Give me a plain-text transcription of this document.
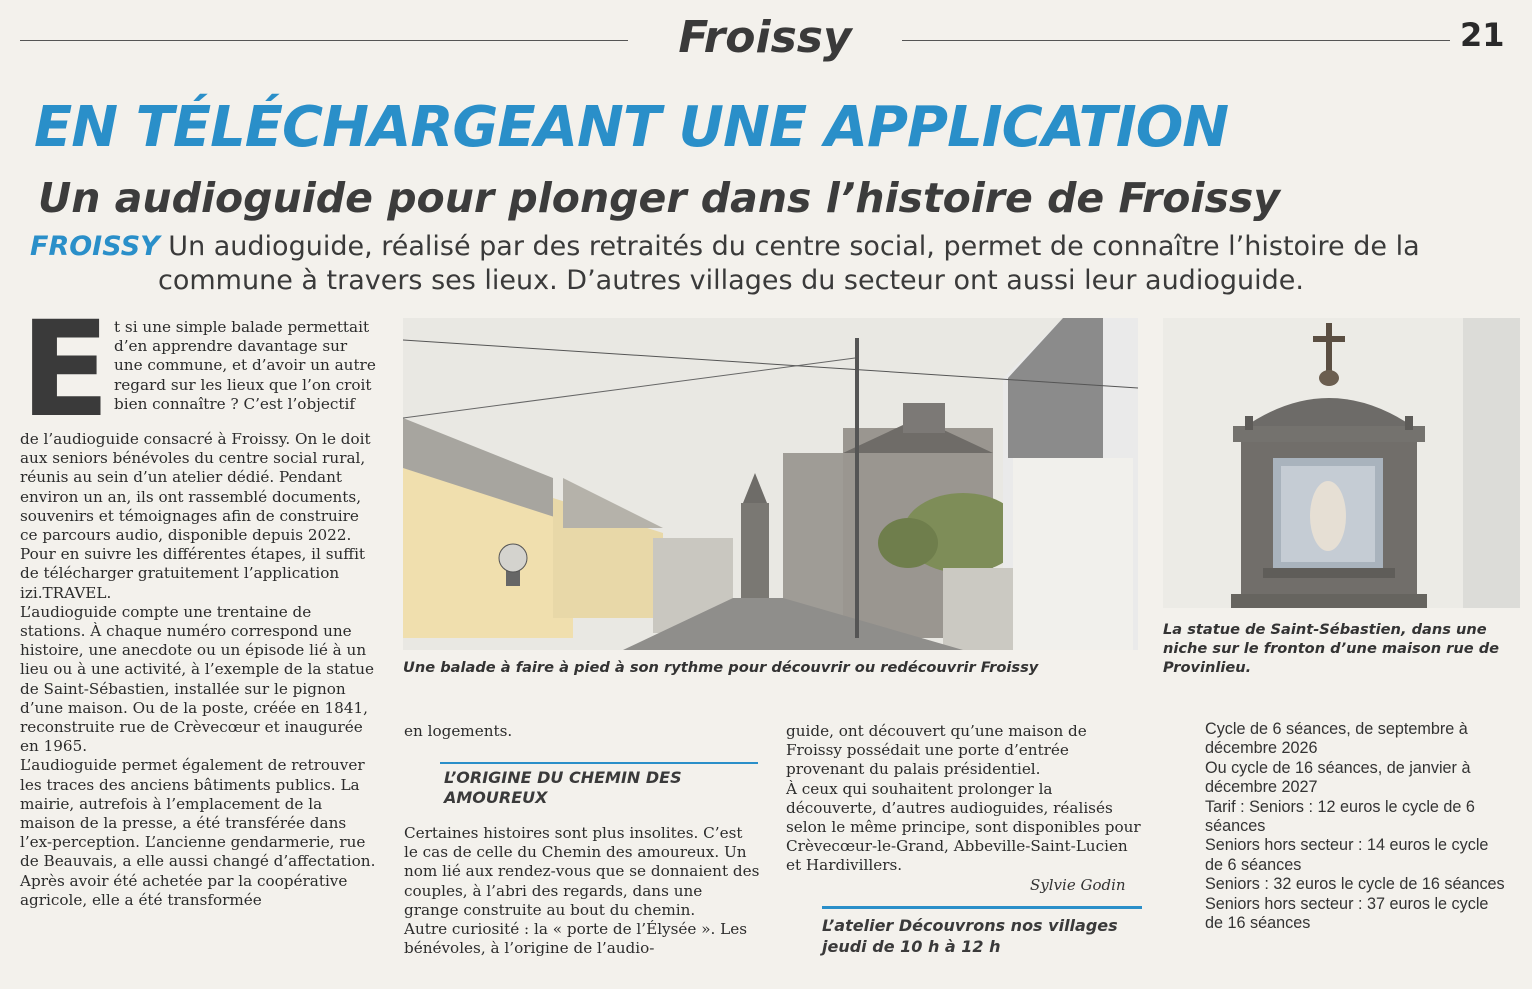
Froissy	21
EN TÉLÉCHARGEANT UNE APPLICATION
Un audioguide pour plonger dans l’histoire de Froissy
FROISSY Un audioguide, réalisé par des retraités du centre social, permet de connaître l’histoire de la
commune à travers ses lieux. D’autres villages du secteur ont aussi leur audioguide.
E t si une simple balade permettait d’en apprendre davantage sur une commune, et d’avoir un autre regard sur les lieux que l’on croit bien connaître ? C’est l’objectif

de l’audioguide consacré à Froissy. On le doit aux seniors bénévoles du centre social rural, réunis au sein d’un atelier dédié. Pendant environ un an, ils ont rassemblé documents, souvenirs et témoignages afin de construire ce parcours audio, disponible depuis 2022. Pour en suivre les différentes étapes, il suffit de télécharger gratuitement l’application izi.TRAVEL.

L’audioguide compte une trentaine de stations. À chaque numéro correspond une histoire, une anecdote ou un épisode lié à un lieu ou à une activité, à l’exemple de la statue de Saint-Sébastien, installée sur le pignon d’une maison. Ou de la poste, créée en 1841, reconstruite rue de Crèvecœur et inaugurée en 1965.

L’audioguide permet également de retrouver les traces des anciens bâtiments publics. La mairie, autrefois à l’emplacement de la maison de la presse, a été transférée dans l’ex-perception. L’ancienne gendarmerie, rue de Beauvais, a elle aussi changé d’affectation. Après avoir été achetée par la coopérative agricole, elle a été transformée

Une balade à faire à pied à son rythme pour découvrir ou redécouvrir Froissy
La statue de Saint-Sébastien, dans une niche sur le fronton d’une maison rue de Provinlieu.
en logements.
L’ORIGINE DU CHEMIN DES AMOUREUX

Certaines histoires sont plus insolites. C’est le cas de celle du Chemin des amoureux. Un nom lié aux rendez-vous que se donnaient des couples, à l’abri des regards, dans une grange construite au bout du chemin.

Autre curiosité : la « porte de l’Élysée ». Les bénévoles, à l’origine de l’audio-

guide, ont découvert qu’une maison de Froissy possédait une porte d’entrée provenant du palais présidentiel.

À ceux qui souhaitent prolonger la découverte, d’autres audioguides, réalisés selon le même principe, sont disponibles pour Crèvecœur-le-Grand, Abbeville-Saint-Lucien et Hardivillers.

Sylvie Godin
L’atelier Découvrons nos villages jeudi de 10 h à 12 h

Cycle de 6 séances, de septembre à décembre 2026

Ou cycle de 16 séances, de janvier à décembre 2027

Tarif : Seniors : 12 euros le cycle de 6 séances

Seniors hors secteur : 14 euros le cycle de 6 séances

Seniors : 32 euros le cycle de 16 séances

Seniors hors secteur : 37 euros le cycle de 16 séances
